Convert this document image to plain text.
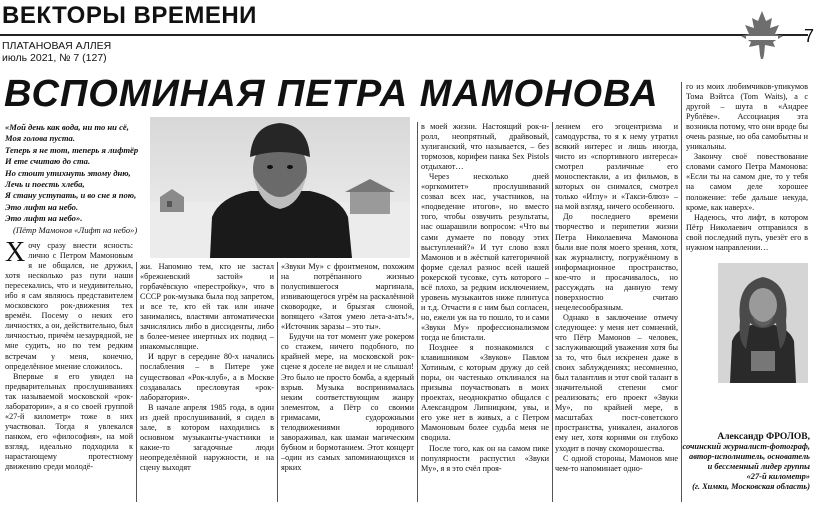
ВЕКТОРЫ ВРЕМЕНИ
ПЛАТАНОВАЯ АЛЛЕЯ
июль 2021, № 7 (127)
7
ВСПОМИНАЯ ПЕТРА МАМОНОВА

«Мой день как вода, ни то ни сё,

Моя голова пуста.

Теперь я не тот, теперь я лифтёр

И ете считаю до ста.

Но стоит утихнуть этому дню,

Лечь и поесть хлеба,

Я стану уступать, и во сне я пою,

Это лифт на небо.

Это лифт на небо».

(Пётр Мамонов «Лифт на небо»)

Хочу сразу внести ясность: лично с Петром Мамоновым я не общался, не дружил, хотя несколько раз пути наши пересекались, что и неудивительно, ибо я сам являюсь представителем московского рок-движения тех времён. Посему о неких его личностях, а он, действительно, был личностью, причём незаурядной, не мне судить, но по тем редким встречам у меня, конечно, определённое мнение сложилось.

Впервые я его увидел на предварительных прослушиваниях так называемой московской «рок-лаборатории», а я со своей группой «27-й километр» тоже в них участвовал. Тогда я увлекался панком, его «философия», на мой взгляд, идеально подходила к нарастающему протестному движению среди молодё-

жи. Напомню тем, кто не застал «брежневский застой» и горбачёвскую «перестройку», что в СССР рок-музыка была под запретом, и все те, кто ей так или иначе занимались, властями автоматически зачислялись либо в диссиденты, либо в более-менее инертных их подвид – инакомыслящие.

И вдруг в середине 80-х начались послабления – в Питере уже существовал «Рок-клуб», а в Москве создавалась пресловутая «рок-лаборатория».

В начале апреля 1985 года, в один из дней прослушиваний, я сидел в зале, в котором находились в основном музыканты-участники и какие-то загадочные люди неопределённой наружности, и на сцену выходят

«Звуки Му» с фронтменом, похожим на потрёпанного жизнью полуспившегося маргинала, извивающегося угрём на раскалённой сковородке, и брызгая слюной, вопящего «Затоя умею лета-а-ать!», «Источник заразы – это ты».

Будучи на тот момент уже рокером со стажем, ничего подобного, по крайней мере, на московской рок-сцене я доселе не видел и не слышал! Это было не просто бомба, а ядерный взрыв. Музыка воспринималась неким соответствующим жанру элементом, а Пётр со своими гримасами, судорожными телодвижениями юродивого завораживал, как шаман магическим бубном и бормотанием. Этот концерт –один из самых запоминающихся и ярких

в моей жизни. Настоящий рок-н-ролл, неопрятный, драйвовый, хулиганский, что называется, – без тормозов, корифеи панка Sex Pistols отдыхают…

Через несколько дней «оргкомитет» прослушиваний созвал всех нас, участников, на «подведение итогов», но вместо того, чтобы озвучить результаты, нас ошарашили вопросом: «Что вы сами думаете по поводу этих выступлений?» И тут слово взял Мамонов и в жёсткой категоричной форме сделал разнос всей нашей рокерской тусовке, суть которого – всё плохо, за редким исключением, уровень музыкантов ниже плинтуса и т.д. Отчасти я с ним был согласен, но, ежели уж на то пошло, то и сами «Звуки Му» профессионализмом тогда не блистали.

Позднее я познакомился с клавишником «Звуков» Павлом Хотиным, с которым дружу до сей поры, он частенько отклинался на призывы поучаствовать в моих проектах, неоднократно общался с Александром Липницким, увы, и его уже нет в живых, а с Петром Мамоновым более судьба меня не сводила.

После того, как он на самом пике популярности распустил «Звуки Му», я я это счёл проя-

лением его эгоцентризма и самодурства, то я к нему утратил всякий интерес и лишь иногда, чисто из «спортивного интереса» смотрел различные его моноспектакли, а из фильмов, в которых он снимался, смотрел только «Иглу» и «Такси-блюз» – на мой взгляд, ничего особенного.

До последнего времени творчество и перипетии жизни Петра Николаевича Мамонова были вне поля моего зрения, хотя, как журналисту, погружённому в информационное пространство, кое-что и просачивалось, но рассуждать на данную тему поверхностно считаю нецелесообразным.

Однако в заключение отмечу следующее: у меня нет сомнений, что Пётр Мамонов – человек, заслуживающий уважения хотя бы за то, что был искренен даже в своих заблуждениях; несомненно, был талантлив и этот свой талант в значительной степени смог реализовать; его проект «Звуки Му», по крайней мере, в масштабах пост-советского пространства, уникален, аналогов ему нет, хотя корнями он глубоко уходит в почву скоморошества.

С одной стороны, Мамонов мне чем-то напоминает одно-

го из моих любимчиков-упикумов Тома Вэйтса (Tom Waits), а с другой – шута в «Андрее Рублёве». Ассоциация эта возникла потому, что они вроде бы очень разные, но оба самобытны и уникальны.

Закончу своё повествование словами самого Петра Мамонова: «Если ты на самом дне, то у тебя на самом деле хорошее положение: тебе дальше некуда, кроме, как наверх».

Надеюсь, что лифт, в котором Пётр Николаевич отправился в свой последний путь, увезёт его в нужном направлении…

Александр ФРОЛОВ,
сочинский журналист-фотограф,
автор-исполнитель, основатель
и бессменный лидер группы
«27-й километр»
(г. Химки, Московская область)
